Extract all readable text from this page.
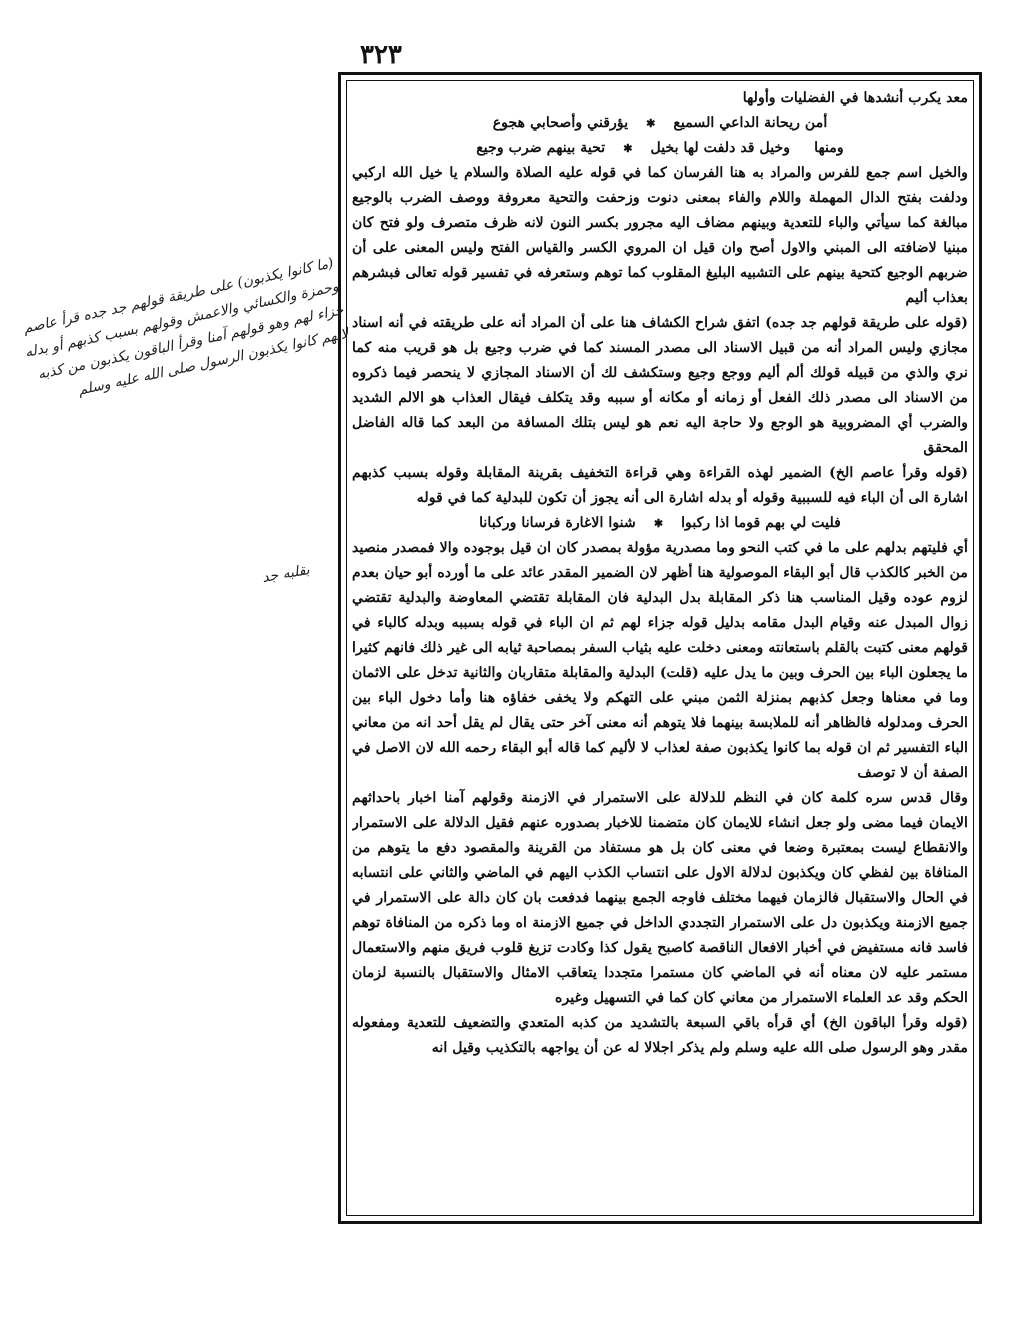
٣٢٣

معد يكرب أنشدها في الفضليات وأولها

أمن ريحانة الداعي السميع
✱
يؤرقني وأصحابي هجوع
ومنها
وخيل قد دلفت لها بخيل
✱
تحية بينهم ضرب وجيع

والخيل اسم جمع للفرس والمراد به هنا الفرسان كما في قوله عليه الصلاة والسلام يا خيل الله اركبي ودلفت بفتح الدال المهملة واللام والفاء بمعنى دنوت وزحفت والتحية معروفة ووصف الضرب بالوجيع مبالغة كما سيأتي والباء للتعدية وبينهم مضاف اليه مجرور بكسر النون لانه ظرف متصرف ولو فتح كان مبنيا لاضافته الى المبني والاول أصح وان قيل ان المروي الكسر والقياس الفتح وليس المعنى على أن ضربهم الوجيع كتحية بينهم على التشبيه البليغ المقلوب كما توهم وستعرفه في تفسير قوله تعالى فبشرهم بعذاب أليم

(قوله على طريقة قولهم جد جده) اتفق شراح الكشاف هنا على أن المراد أنه على طريقته في أنه اسناد مجازي وليس المراد أنه من قبيل الاسناد الى مصدر المسند كما في ضرب وجيع بل هو قريب منه كما نري والذي من قبيله قولك ألم أليم ووجع وجيع وستكشف لك أن الاسناد المجازي لا ينحصر فيما ذكروه من الاسناد الى مصدر ذلك الفعل أو زمانه أو مكانه أو سببه وقد يتكلف فيقال العذاب هو الالم الشديد والضرب أي المضروبية هو الوجع ولا حاجة اليه نعم هو ليس بتلك المسافة من البعد كما قاله الفاضل المحقق

(قوله وقرأ عاصم الخ) الضمير لهذه القراءة وهي قراءة التخفيف بقرينة المقابلة وقوله بسبب كذبهم اشارة الى أن الباء فيه للسببية وقوله أو بدله اشارة الى أنه يجوز أن تكون للبدلية كما في قوله

فليت لي بهم قوما اذا ركبوا
✱
شنوا الاغارة فرسانا وركبانا

أي فليتهم بدلهم على ما في كتب النحو وما مصدرية مؤولة بمصدر كان ان قيل بوجوده والا فمصدر منصيد من الخبر كالكذب قال أبو البقاء الموصولية هنا أظهر لان الضمير المقدر عائد على ما أورده أبو حيان بعدم لزوم عوده وقيل المناسب هنا ذكر المقابلة بدل البدلية فان المقابلة تقتضي المعاوضة والبدلية تقتضي زوال المبدل عنه وقيام البدل مقامه بدليل قوله جزاء لهم ثم ان الباء في قوله بسببه وبدله كالباء في قولهم معنى كتبت بالقلم باستعانته ومعنى دخلت عليه بثياب السفر بمصاحبة ثيابه الى غير ذلك فانهم كثيرا ما يجعلون الباء بين الحرف وبين ما يدل عليه (قلت) البدلية والمقابلة متقاربان والثانية تدخل على الاثمان وما في معناها وجعل كذبهم بمنزلة الثمن مبني على التهكم ولا يخفى خفاؤه هنا وأما دخول الباء بين الحرف ومدلوله فالظاهر أنه للملابسة بينهما فلا يتوهم أنه معنى آخر حتى يقال لم يقل أحد انه من معاني الباء التفسير ثم ان قوله بما كانوا يكذبون صفة لعذاب لا لأليم كما قاله أبو البقاء رحمه الله لان الاصل في الصفة أن لا توصف

وقال قدس سره كلمة كان في النظم للدلالة على الاستمرار في الازمنة وقولهم آمنا اخبار باحداثهم الايمان فيما مضى ولو جعل انشاء للايمان كان متضمنا للاخبار بصدوره عنهم فقيل الدلالة على الاستمرار والانقطاع ليست بمعتبرة وضعا في معنى كان بل هو مستفاد من القرينة والمقصود دفع ما يتوهم من المنافاة بين لفظي كان ويكذبون لدلالة الاول على انتساب الكذب اليهم في الماضي والثاني على انتسابه في الحال والاستقبال فالزمان فيهما مختلف فاوجه الجمع بينهما فدفعت بان كان دالة على الاستمرار في جميع الازمنة ويكذبون دل على الاستمرار التجددي الداخل في جميع الازمنة اه وما ذكره من المنافاة توهم فاسد فانه مستفيض في أخبار الافعال الناقصة كاصبح يقول كذا وكادت تزيغ قلوب فريق منهم والاستعمال مستمر عليه لان معناه أنه في الماضي كان مستمرا متجددا يتعاقب الامثال والاستقبال بالنسبة لزمان الحكم وقد عد العلماء الاستمرار من معاني كان كما في التسهيل وغيره

(قوله وقرأ الباقون الخ) أي قرأه باقي السبعة بالتشديد من كذبه المتعدي والتضعيف للتعدية ومفعوله مقدر وهو الرسول صلى الله عليه وسلم ولم يذكر اجلالا له عن أن يواجهه بالتكذيب وقيل انه

(ما كانوا يكذبون) على طريقة قولهم جد جده قرأ عاصم وحمزة والكسائي والاعمش وقولهم بسبب كذبهم أو بدله جزاء لهم وهو قولهم آمنا وقرأ الباقون يكذبون من كذبه لانهم كانوا يكذبون الرسول صلى الله عليه وسلم
بقلبه جد
